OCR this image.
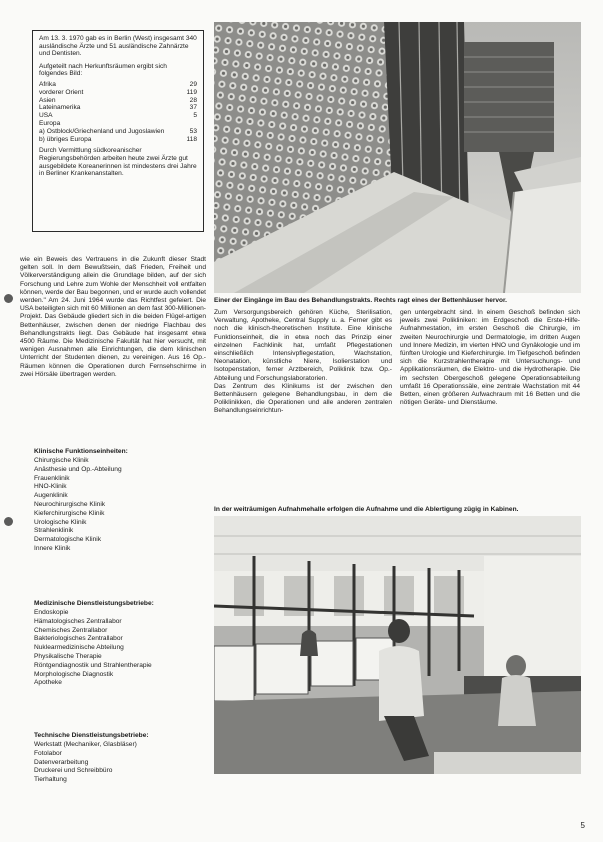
Am 13. 3. 1970 gab es in Berlin (West) insgesamt 340 ausländische Ärzte und 51 ausländische Zahnärzte und Dentisten.

Aufgeteilt nach Herkunftsräumen ergibt sich folgendes Bild:

Afrika	29
vorderer Orient	119
Asien	28
Lateinamerika	37
USA	5
Europa
a) Ostblock/Griechenland und Jugoslawien	53
b) übriges Europa	118

Durch Vermittlung südkoreanischer Regierungsbehörden arbeiten heute zwei Ärzte gut ausgebildete Koreanerinnen ist mindestens drei Jahre in Berliner Krankenanstalten.

wie ein Beweis des Vertrauens in die Zukunft dieser Stadt gelten soll. In dem Bewußtsein, daß Frieden, Freiheit und Völkerverständigung allein die Grundlage bilden, auf der sich Forschung und Lehre zum Wohle der Menschheit voll entfalten können, werde der Bau begonnen, und er wurde auch vollendet werden." Am 24. Juni 1964 wurde das Richtfest gefeiert. Die USA beteiligten sich mit 60 Millionen an dem fast 300-Millionen-Projekt. Das Gebäude gliedert sich in die beiden Flügel-artigen Bettenhäuser, zwischen denen der niedrige Flachbau des Behandlungstrakts liegt. Das Gebäude hat insgesamt etwa 4500 Räume. Die Medizinische Fakultät hat hier versucht, mit wenigen Ausnahmen alle Einrichtungen, die dem klinischen Unterricht der Studenten dienen, zu vereinigen. Aus 16 Op.-Räumen können die Operationen durch Fernsehschirme in zwei Hörsäle übertragen werden.

Klinische Funktionseinheiten:

Chirurgische Klinik

Anästhesie und Op.-Abteilung

Frauenklinik

HNO-Klinik

Augenklinik

Neurochirurgische Klinik

Kieferchirurgische Klinik

Urologische Klinik

Strahlenklinik

Dermatologische Klinik

Innere Klinik

Medizinische Dienstleistungsbetriebe:

Endoskopie

Hämatologisches Zentrallabor

Chemisches Zentrallabor

Bakteriologisches Zentrallabor

Nuklearmedizinische Abteilung

Physikalische Therapie

Röntgendiagnostik und Strahlentherapie

Morphologische Diagnostik

Apotheke

Technische Dienstleistungsbetriebe:

Werkstatt (Mechaniker, Glasbläser)

Fotolabor

Datenverarbeitung

Druckerei und Schreibbüro

Tierhaltung

Einer der Eingänge im Bau des Behandlungstrakts. Rechts ragt eines der Bettenhäuser hervor.

Zum Versorgungsbereich gehören Küche, Sterilisation, Verwaltung, Apotheke, Central Supply u. a. Ferner gibt es noch die klinisch-theoretischen Institute. Eine klinische Funktionseinheit, die in etwa noch das Prinzip einer einzelnen Fachklinik hat, umfaßt Pflegestationen einschließlich Intensivpflegestation, Wachstation, Neonatation, künstliche Niere, Isolierstation und Isotopenstation, ferner Arztbereich, Poliklinik bzw. Op.-Abteilung und Forschungslaboratorien.
Das Zentrum des Klinikums ist der zwischen den Bettenhäusern gelegene Behandlungsbau, in dem die Poliklinikken, die Operationen und alle anderen zentralen Behandlungseinrichtun-

gen untergebracht sind. In einem Geschoß befinden sich jeweils zwei Polikliniken: im Erdgeschoß die Erste-Hilfe-Aufnahmestation, im ersten Geschoß die Chirurgie, im zweiten Neurochirurgie und Dermatologie, im dritten Augen und Innere Medizin, im vierten HNO und Gynäkologie und im fünften Urologie und Kieferchirurgie. Im Tiefgeschoß befinden sich die Kurzstrahlentherapie mit Untersuchungs- und Applikationsräumen, die Elektro- und die Hydrotherapie. Die im sechsten Obergeschoß gelegene Operationsabteilung umfaßt 16 Operationssäle, eine zentrale Wachstation mit 44 Betten, einen größeren Aufwachraum mit 16 Betten und die nötigen Geräte- und Dienstäume.

In der weiträumigen Aufnahmehalle erfolgen die Aufnahme und die Ablertigung zügig in Kabinen.

5
